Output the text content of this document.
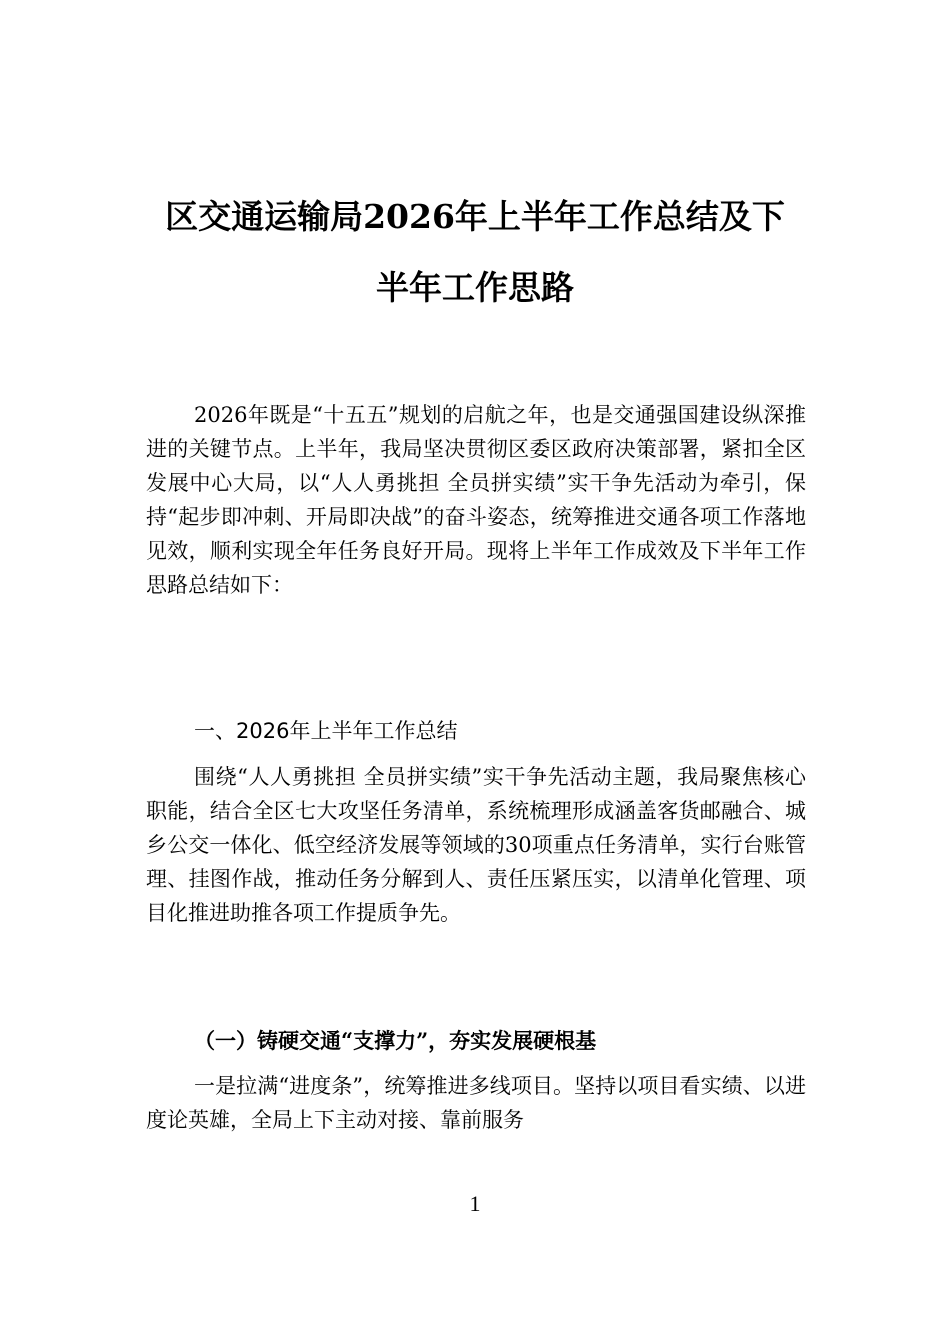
区交通运输局2026年上半年工作总结及下
半年工作思路
2026年既是“十五五”规划的启航之年，也是交通强国建设纵深推进的关键节点。上半年，我局坚决贯彻区委区政府决策部署，紧扣全区发展中心大局，以“人人勇挑担 全员拼实绩”实干争先活动为牵引，保持“起步即冲刺、开局即决战”的奋斗姿态，统筹推进交通各项工作落地见效，顺利实现全年任务良好开局。现将上半年工作成效及下半年工作思路总结如下：
一、2026年上半年工作总结
围绕“人人勇挑担 全员拼实绩”实干争先活动主题，我局聚焦核心职能，结合全区七大攻坚任务清单，系统梳理形成涵盖客货邮融合、城乡公交一体化、低空经济发展等领域的30项重点任务清单，实行台账管理、挂图作战，推动任务分解到人、责任压紧压实，以清单化管理、项目化推进助推各项工作提质争先。
（一）铸硬交通“支撑力”，夯实发展硬根基
一是拉满“进度条”，统筹推进多线项目。坚持以项目看实绩、以进度论英雄，全局上下主动对接、靠前服务
1
